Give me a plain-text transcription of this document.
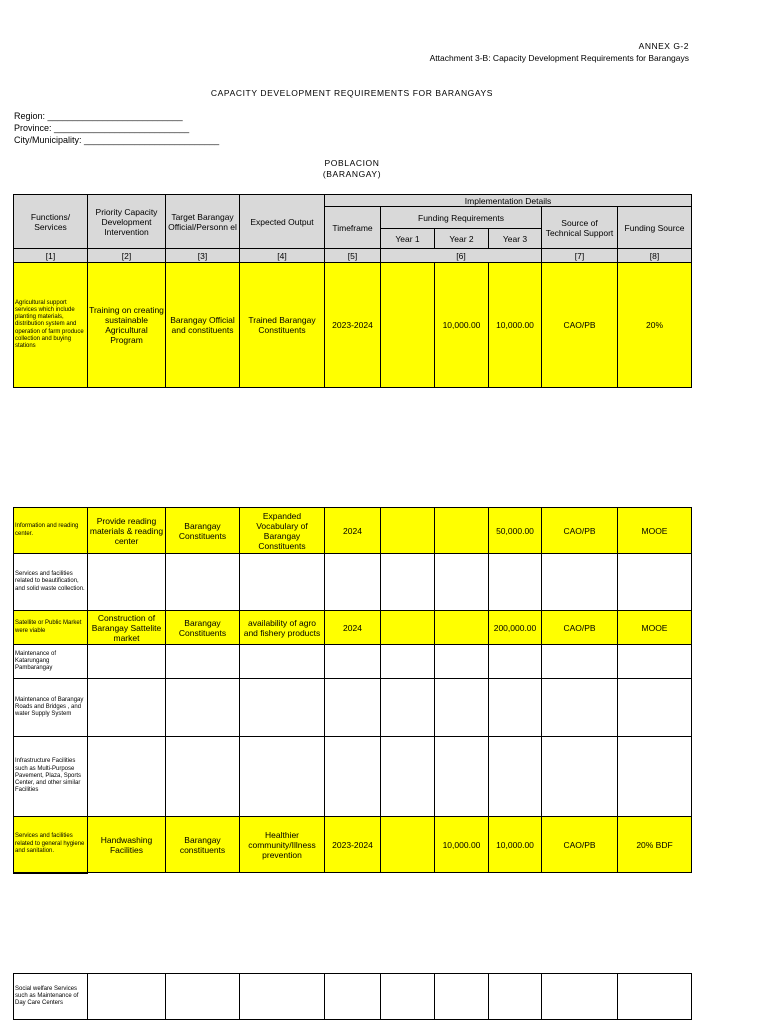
ANNEX G-2
Attachment 3-B: Capacity Development Requirements for Barangays
CAPACITY DEVELOPMENT REQUIREMENTS FOR BARANGAYS
Region: ___________________________
Province: ___________________________
City/Municipality: ___________________________
POBLACION
(BARANGAY)
Functions/ Services	Priority Capacity Development Intervention	Target Barangay Official/Personn el	Expected Output	Implementation Details					
				Timeframe	Funding Requirements			Source of Technical Support	Funding Source
					Year 1	Year 2	Year 3		
[1]	[2]	[3]	[4]	[5]	[6]			[7]	[8]
Agricultural support services which include planting materials, distribution system and operation of farm produce collection and buying stations	Training on creating sustainable Agricultural Program	Barangay Official and constituents	Trained Barangay Constituents	2023-2024		10,000.00	10,000.00	CAO/PB	20%
Information and reading center.	Provide reading materials & reading center	Barangay Constituents	Expanded Vocabulary of Barangay Constituents	2024			50,000.00	CAO/PB	MOOE
Services and facilities related to beautification, and solid waste collection.									
Satellite or Public Market were viable	Construction of Barangay Sattelite market	Barangay Constituents	availability of agro and fishery products	2024			200,000.00	CAO/PB	MOOE
Maintenance of Katarungang Pambarangay									
Maintenance of Barangay Roads and Bridges , and water Supply System									
Infrastructure Facilities such as Multi-Purpose Pavement, Plaza, Sports Center, and other similar Facilities									
Services and facilities related to general hygiene and sanitation.	Handwashing Facilities	Barangay constituents	Healthier community/Illness prevention	2023-2024		10,000.00	10,000.00	CAO/PB	20% BDF
Social welfare Services such as Maintenance of Day Care Centers									
